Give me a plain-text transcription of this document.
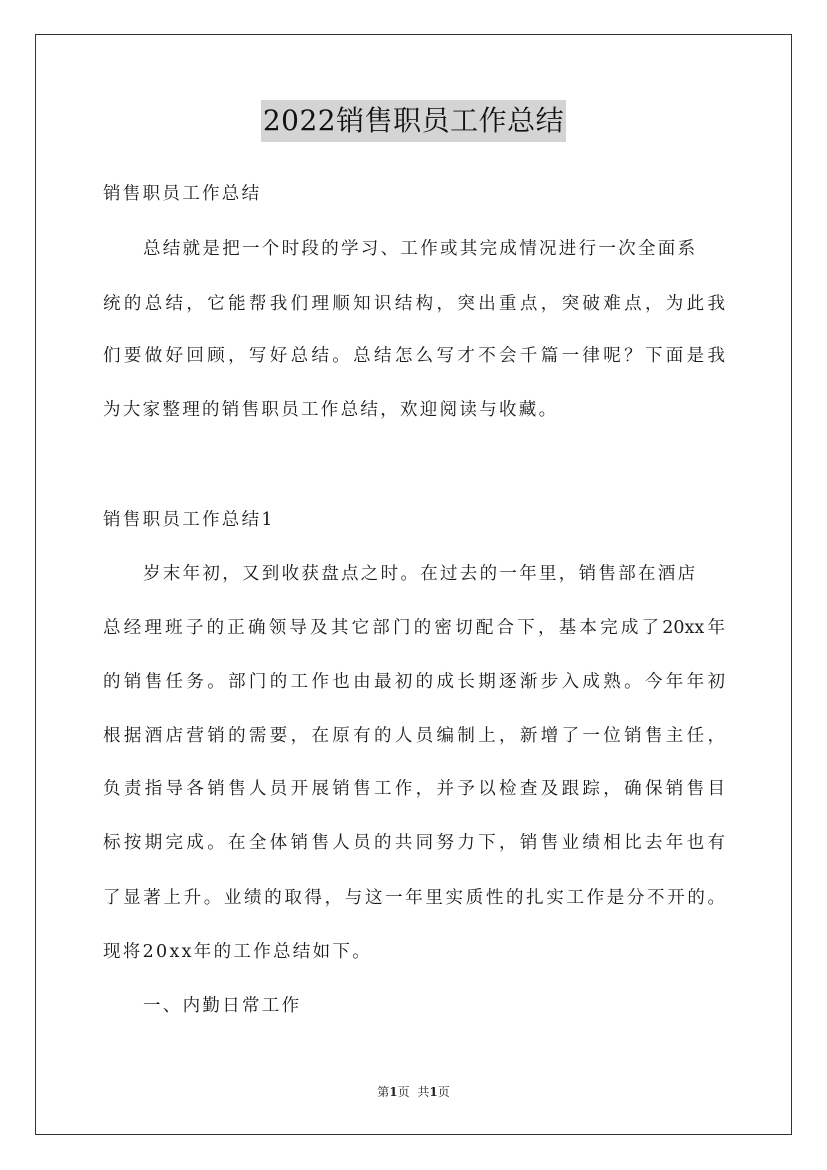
2022销售职员工作总结
销售职员工作总结
总结就是把一个时段的学习、工作或其完成情况进行一次全面系
统的总结，它能帮我们理顺知识结构，突出重点，突破难点，为此我
们要做好回顾，写好总结。总结怎么写才不会千篇一律呢？下面是我
为大家整理的销售职员工作总结，欢迎阅读与收藏。
销售职员工作总结1
岁末年初，又到收获盘点之时。在过去的一年里，销售部在酒店
总经理班子的正确领导及其它部门的密切配合下，基本完成了20xx年
的销售任务。部门的工作也由最初的成长期逐渐步入成熟。今年年初
根据酒店营销的需要，在原有的人员编制上，新增了一位销售主任，
负责指导各销售人员开展销售工作，并予以检查及跟踪，确保销售目
标按期完成。在全体销售人员的共同努力下，销售业绩相比去年也有
了显著上升。业绩的取得，与这一年里实质性的扎实工作是分不开的。
现将20xx年的工作总结如下。
一、内勤日常工作
第1页 共1页
